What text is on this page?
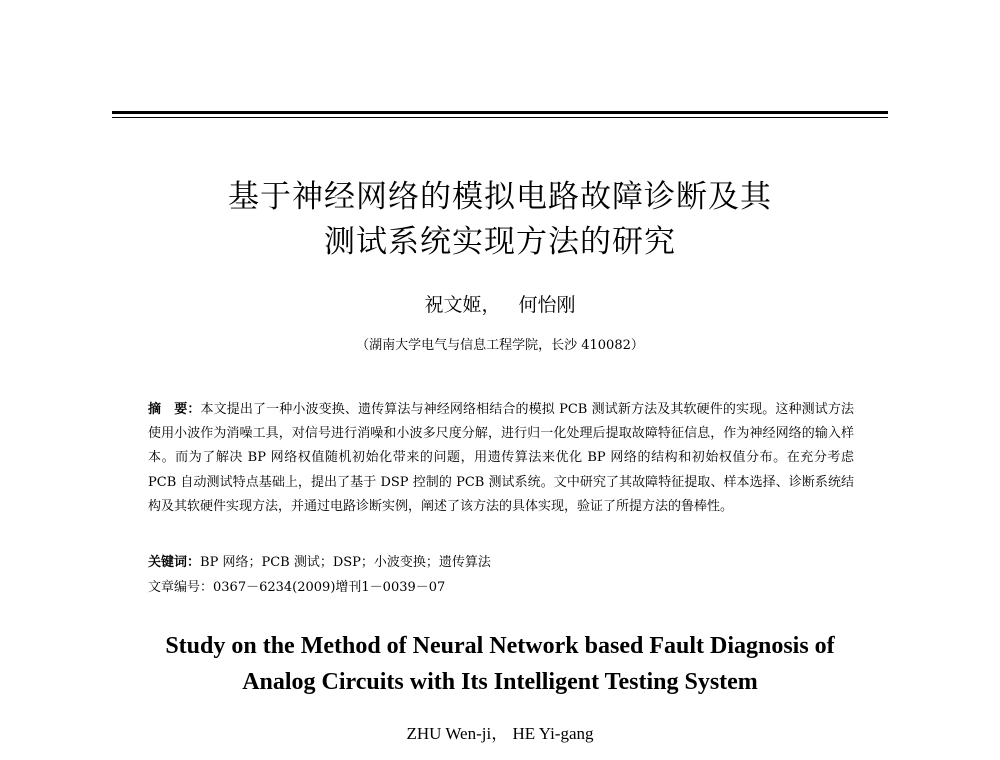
基于神经网络的模拟电路故障诊断及其
测试系统实现方法的研究
祝文姬， 何怡刚
（湖南大学电气与信息工程学院，长沙 410082）
摘　要：本文提出了一种小波变换、遗传算法与神经网络相结合的模拟 PCB 测试新方法及其软硬件的实现。这种测试方法使用小波作为消噪工具，对信号进行消噪和小波多尺度分解，进行归一化处理后提取故障特征信息，作为神经网络的输入样本。而为了解决 BP 网络权值随机初始化带来的问题，用遗传算法来优化 BP 网络的结构和初始权值分布。在充分考虑 PCB 自动测试特点基础上，提出了基于 DSP 控制的 PCB 测试系统。文中研究了其故障特征提取、样本选择、诊断系统结构及其软硬件实现方法，并通过电路诊断实例，阐述了该方法的具体实现，验证了所提方法的鲁棒性。
关键词：BP 网络；PCB 测试；DSP；小波变换；遗传算法
文章编号：0367－6234(2009)增刊1－0039－07
Study on the Method of Neural Network based Fault Diagnosis of
Analog Circuits with Its Intelligent Testing System
ZHU Wen-ji， HE Yi-gang
